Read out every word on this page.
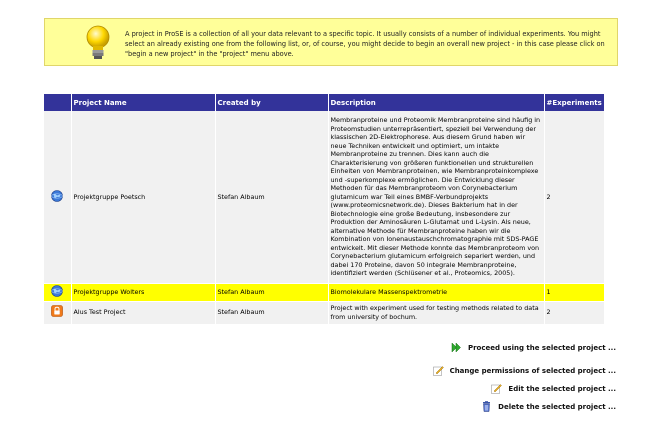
A project in ProSE is a collection of all your data relevant to a specific topic. It usually consists of a number of individual experiments. You might select an already existing one from the following list, or, of course, you might decide to begin an overall new project - in this case please click on "begin a new project" in the "project" menu above.
	Project Name	Created by	Description	#Experiments
	Projektgruppe Poetsch	Stefan Albaum	Membranproteine und Proteomik Membranproteine sind häufig in Proteomstudien unterrepräsentiert, speziell bei Verwendung der klassischen 2D-Elektrophorese. Aus diesem Grund haben wir neue Techniken entwickelt und optimiert, um intakte Membranproteine zu trennen. Dies kann auch die Charakterisierung von größeren funktionellen und strukturellen Einheiten von Membranproteinen, wie Membranproteinkomplexe und -superkomplexe ermöglichen. Die Entwicklung dieser Methoden für das Membranproteom von Corynebacterium glutamicum war Teil eines BMBF-Verbundprojekts (www.proteomicsnetwork.de). Dieses Bakterium hat in der Biotechnologie eine große Bedeutung, insbesondere zur Produktion der Aminosäuren L-Glutamat und L-Lysin. Als neue, alternative Methode für Membranproteine haben wir die Kombination von Ionenaustauschchromatographie mit SDS-PAGE entwickelt. Mit dieser Methode konnte das Membranproteom von Corynebacterium glutamicum erfolgreich separiert werden, und dabei 170 Proteine, davon 50 integrale Membranproteine, identifiziert werden (Schlüsener et al., Proteomics, 2005).	2
	Projektgruppe Wolters	Stefan Albaum	Biomolekulare Massenspektrometrie	1
	Alus Test Project	Stefan Albaum	Project with experiment used for testing methods related to data from university of bochum.	2
Proceed using the selected project ...
Change permissions of selected project ...
Edit the selected project ...
Delete the selected project ...
